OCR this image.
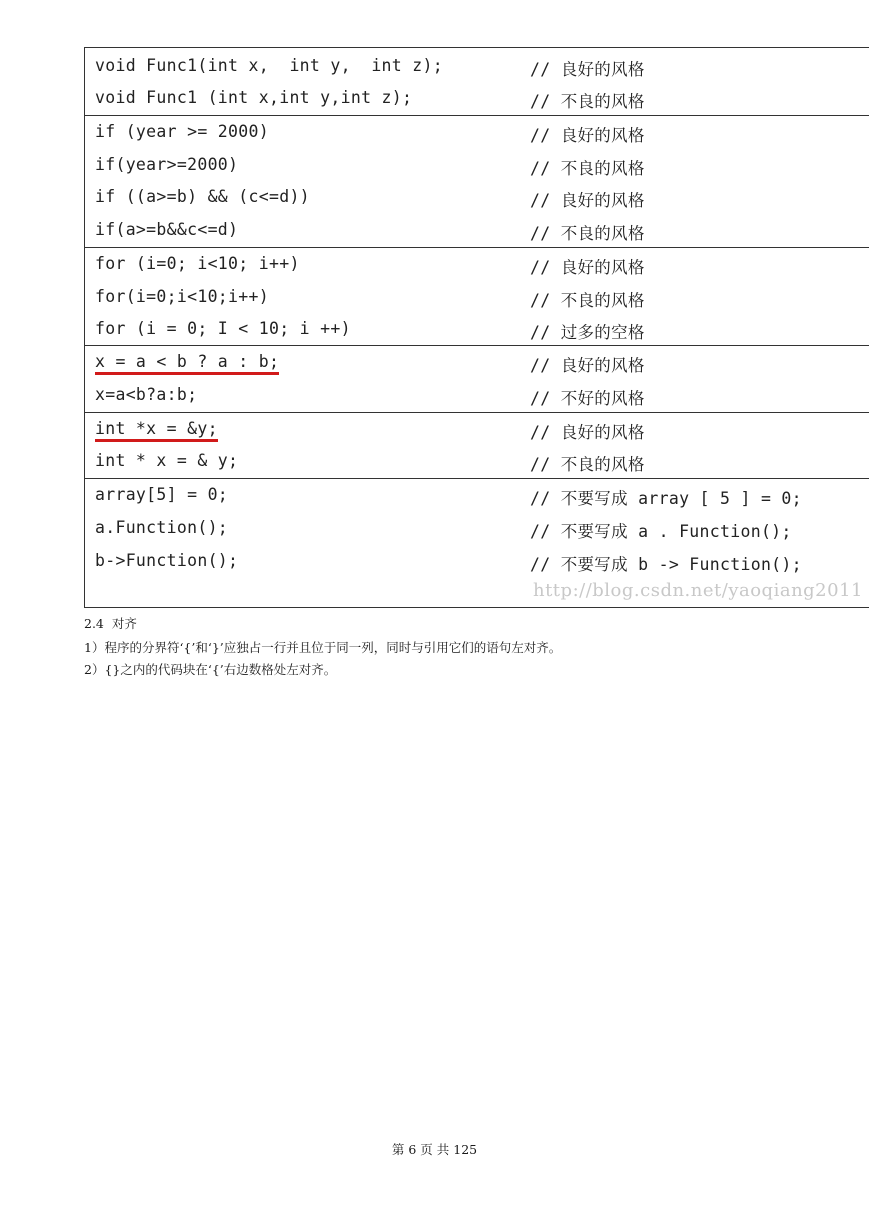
void Func1(int x,  int y,  int z);	// 良好的风格
void Func1 (int x,int y,int z);	// 不良的风格
if (year >= 2000)	// 良好的风格
if(year>=2000)	// 不良的风格
if ((a>=b) && (c<=d))	// 良好的风格
if(a>=b&&c<=d)	// 不良的风格
for (i=0; i<10; i++)	// 良好的风格
for(i=0;i<10;i++)	// 不良的风格
for (i = 0; I < 10; i ++)	// 过多的空格
x = a < b ? a : b;	// 良好的风格
x=a<b?a:b;	// 不好的风格
int *x = &y;	// 良好的风格
int * x = & y;	// 不良的风格
array[5] = 0;	// 不要写成 array [ 5 ] = 0;
a.Function();	// 不要写成 a . Function();
b->Function();	// 不要写成 b -> Function();
http://blog.csdn.net/yaoqiang2011
2.4  对齐
1）程序的分界符‘{’和‘}’应独占一行并且位于同一列，同时与引用它们的语句左对齐。
2）{}之内的代码块在‘{’右边数格处左对齐。
第 6 页 共 125
